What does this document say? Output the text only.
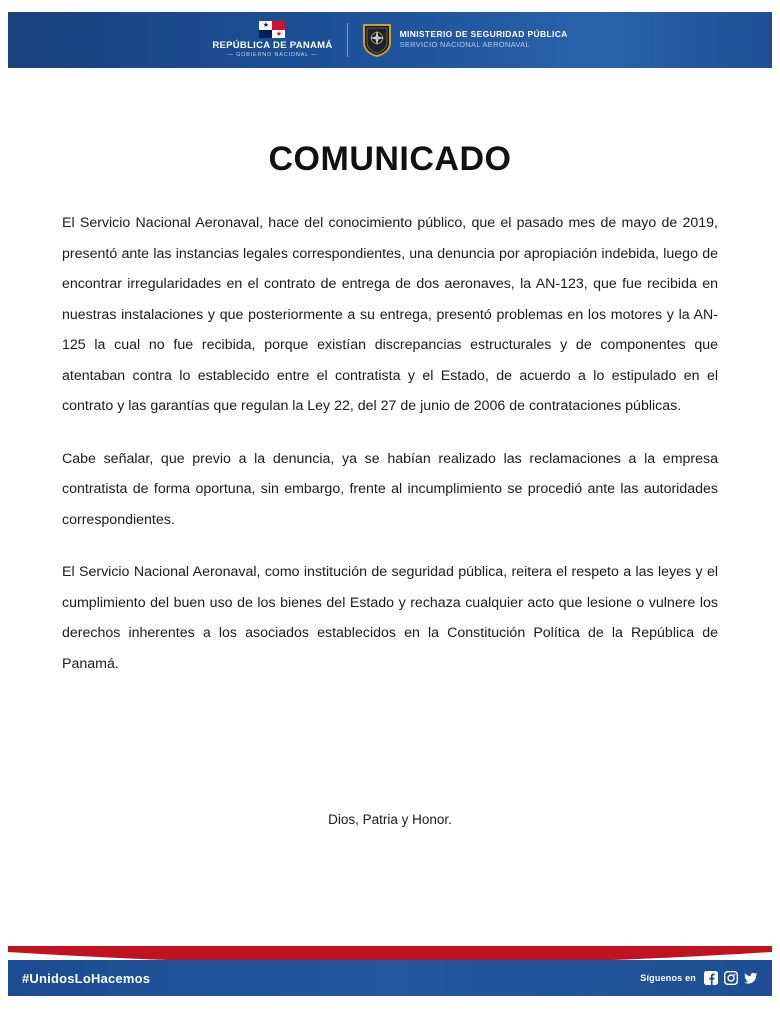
★
★
REPÚBLICA DE PANAMÁ
— GOBIERNO NACIONAL —
MINISTERIO DE SEGURIDAD PÚBLICA
SERVICIO NACIONAL AERONAVAL
COMUNICADO

El Servicio Nacional Aeronaval, hace del conocimiento público, que el pasado mes de mayo de 2019, presentó ante las instancias legales correspondientes, una denuncia por apropiación indebida, luego de encontrar irregularidades en el contrato de entrega de dos aeronaves, la AN-123, que fue recibida en nuestras instalaciones y que posteriormente a su entrega, presentó problemas en los motores y la AN-125 la cual no fue recibida, porque existían discrepancias estructurales y de componentes que atentaban contra lo establecido entre el contratista y el Estado, de acuerdo a lo estipulado en el contrato y las garantías que regulan la Ley 22, del 27 de junio de 2006 de contrataciones públicas.

Cabe señalar, que previo a la denuncia, ya se habían realizado las reclamaciones a la empresa contratista de forma oportuna, sin embargo, frente al incumplimiento se procedió ante las autoridades correspondientes.

El Servicio Nacional Aeronaval, como institución de seguridad pública, reitera el respeto a las leyes y el cumplimiento del buen uso de los bienes del Estado y rechaza cualquier acto que lesione o vulnere los derechos inherentes a los asociados establecidos en la Constitución Política de la República de Panamá.

Dios, Patria y Honor.
#UnidosLoHacemos	Síguenos en
